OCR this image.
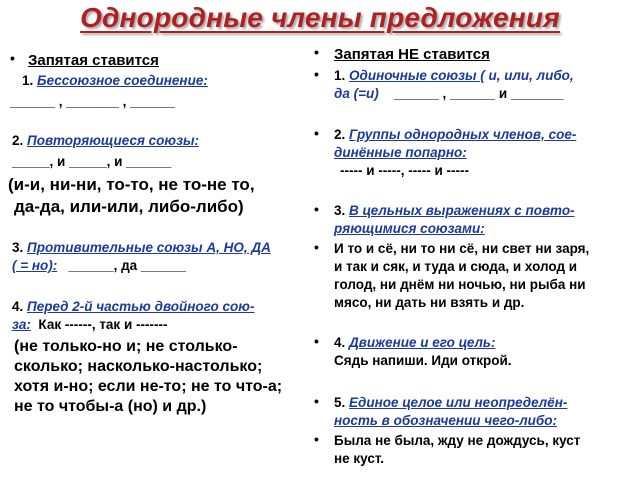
Однородные члены предложения
• Запятая ставится
1. Бессоюзное соединение:
______ , _______ , ______
2. Повторяющиеся союзы:
_____, и _____, и ______
(и-и, ни-ни, то-то, не то-не то,
да-да, или-или, либо-либо)
3. Противительные союзы А, НО, ДА
( = но): ______, да ______
4. Перед 2-й частью двойного сою-
за: Как ------, так и -------
(не только-но и; не столько-
сколько; насколько-настолько;
хотя и-но; если не-то; не то что-а;
не то чтобы-а (но) и др.)
• Запятая НЕ ставится
• 1. Одиночные союзы ( и, или, либо,
да (=и) ______ , ______ и _______
• 2. Группы однородных членов, сое-
динённые попарно:
----- и -----, ----- и -----
• 3. В цельных выражениях с повто-
ряющимися союзами:
• И то и сё, ни то ни сё, ни свет ни заря,
и так и сяк, и туда и сюда, и холод и
голод, ни днём ни ночью, ни рыба ни
мясо, ни дать ни взять и др.
• 4. Движение и его цель:
Сядь напиши. Иди открой.
• 5. Единое целое или неопределён-
ность в обозначении чего-либо:
• Была не была, жду не дождусь, куст
не куст.
